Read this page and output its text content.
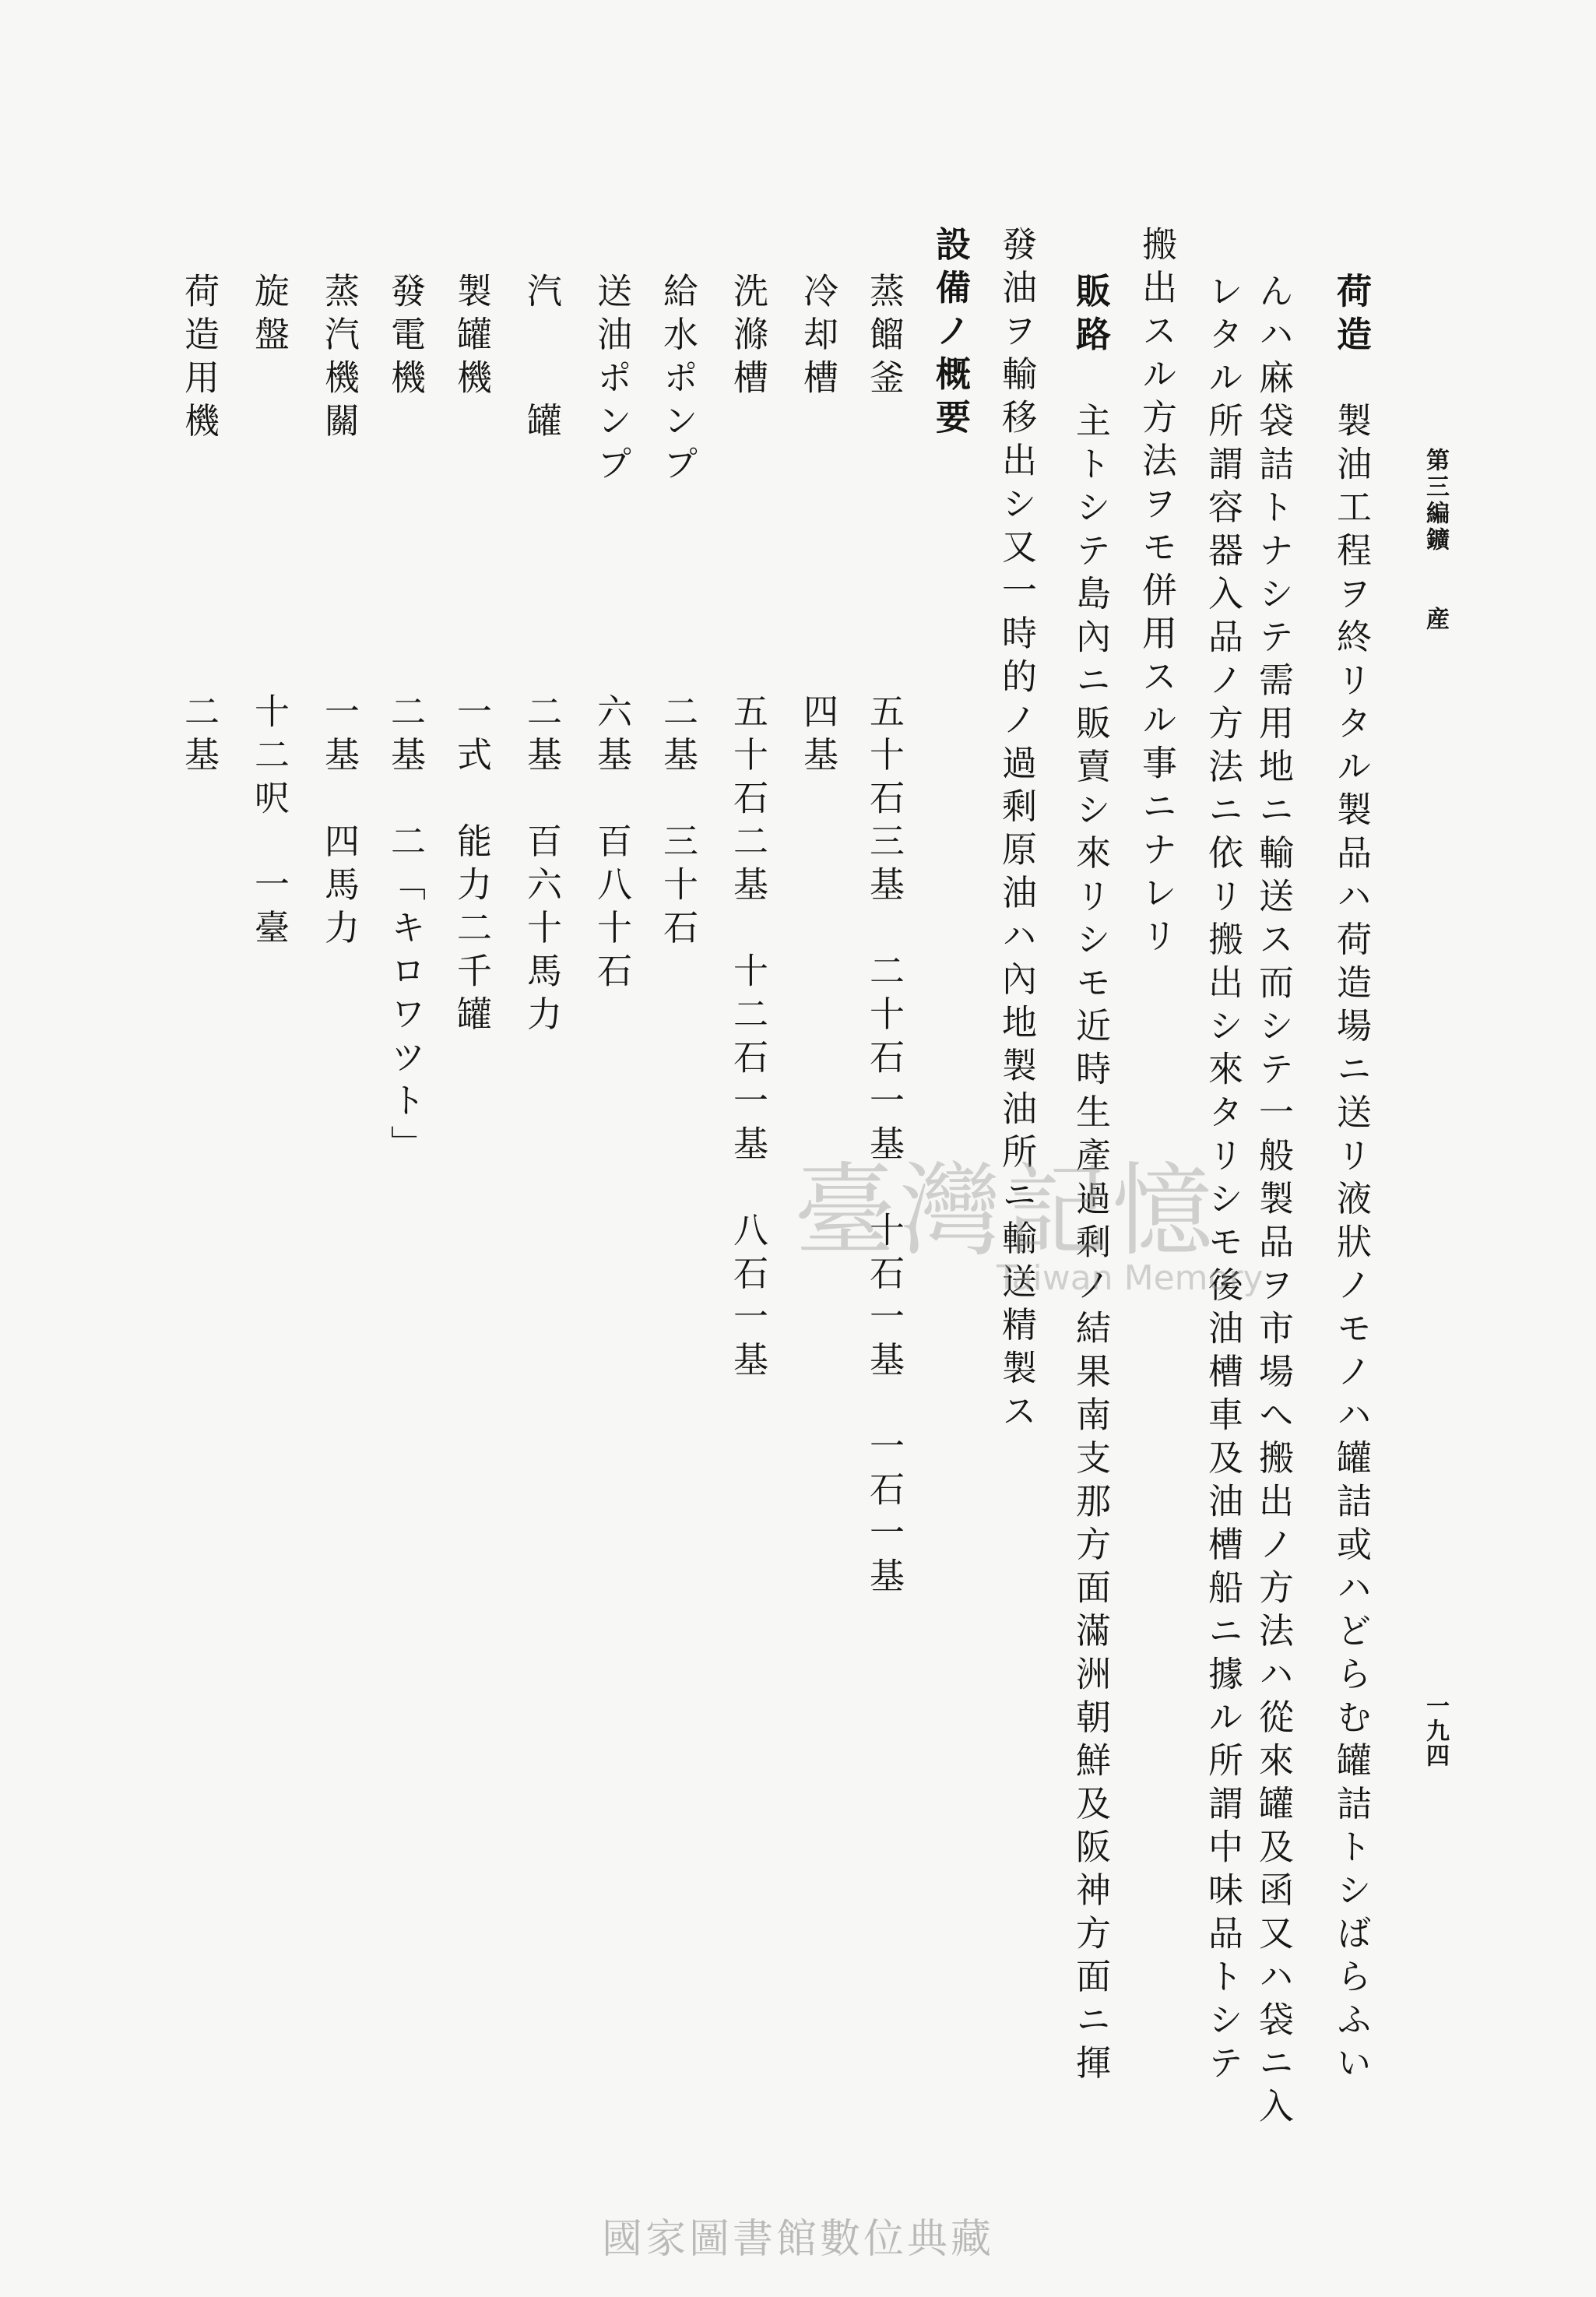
第三編鑛　　産
一九四
荷造　製油工程ヲ終リタル製品ハ荷造場ニ送リ液狀ノモノハ罐詰或ハどらむ罐詰トシばらふい
んハ麻袋詰トナシテ需用地ニ輸送ス而シテ一般製品ヲ市場へ搬出ノ方法ハ從來罐及函又ハ袋ニ入
レタル所謂容器入品ノ方法ニ依リ搬出シ來タリシモ後油槽車及油槽船ニ據ル所謂中味品トシテ
搬出スル方法ヲモ併用スル事ニナレリ
販路　主トシテ島內ニ販賣シ來リシモ近時生產過剩ノ結果南支那方面滿洲朝鮮及阪神方面ニ揮
發油ヲ輸移出シ又一時的ノ過剩原油ハ內地製油所ニ輸送精製ス
設備ノ概要
蒸餾釜
冷却槽
洗滌槽
給水ポンプ
送油ポンプ
汽　　罐
製罐機
發電機
蒸汽機關
旋盤
荷造用機
五十石三基　二十石一基　十石一基　一石一基
四基
五十石二基　十二石一基　八石一基
二基　三十石
六基　百八十石
二基　百六十馬力
一式　能力二千罐
二基　二「キロワツト」
一基　四馬力
十二呎　一臺
二基
臺灣記憶
Taiwan Memory
國家圖書館數位典藏
